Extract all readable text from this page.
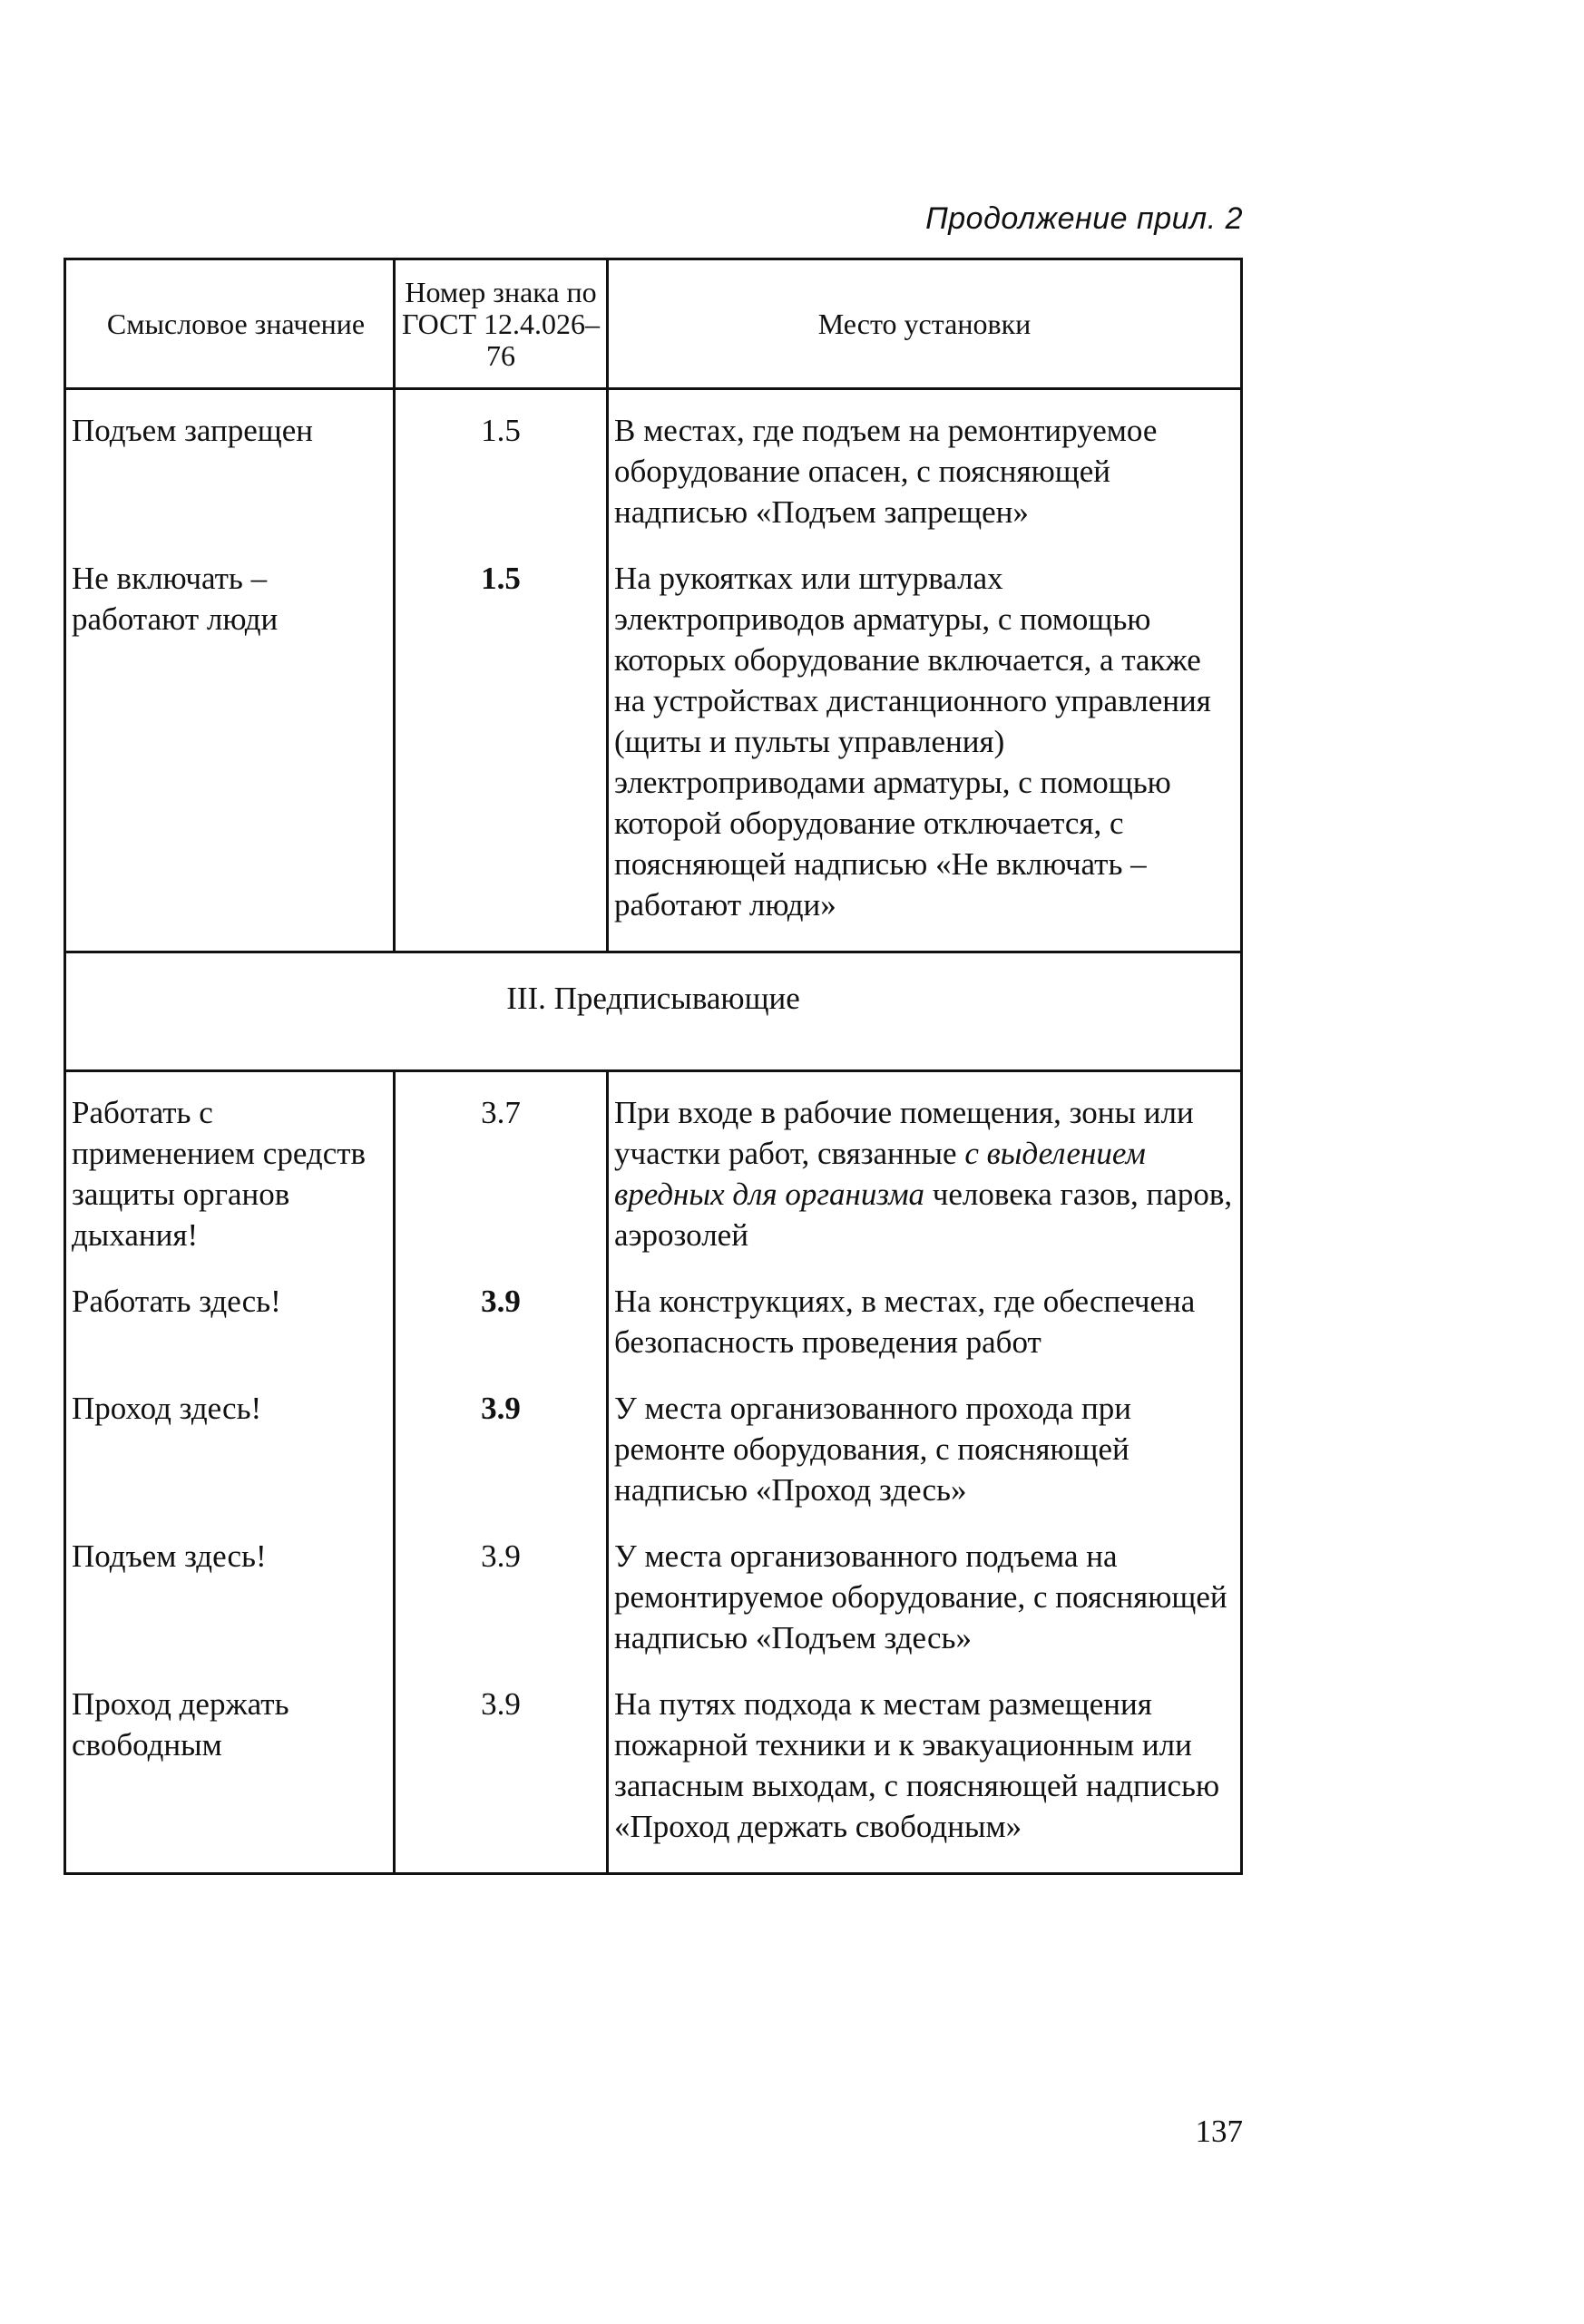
Продолжение прил. 2
Смысловое значение	Номер знака по ГОСТ 12.4.026–76	Место установки
Подъем запрещен	1.5	В местах, где подъем на ремонтируемое оборудование опасен, с поясняющей надписью «Подъем запрещен»
Не включать – работают люди	1.5	На рукоятках или штурвалах электроприводов арматуры, с помощью которых оборудование включается, а также на устройствах дистанционного управления (щиты и пульты управления) электроприводами арматуры, с помощью которой оборудование отключается, с поясняющей надписью «Не включать – работают люди»
III. Предписывающие		
Работать с применением средств защиты органов дыхания!	3.7	При входе в рабочие помещения, зоны или участки работ, связанные с выделением вредных для организма человека газов, паров, аэрозолей
Работать здесь!	3.9	На конструкциях, в местах, где обеспечена безопасность проведения работ
Проход здесь!	3.9	У места организованного прохода при ремонте оборудования, с поясняющей надписью «Проход здесь»
Подъем здесь!	3.9	У места организованного подъема на ремонтируемое оборудование, с поясняющей надписью «Подъем здесь»
Проход держать свободным	3.9	На путях подхода к местам размещения пожарной техники и к эвакуационным или запасным выходам, с поясняющей надписью «Проход держать свободным»
137
